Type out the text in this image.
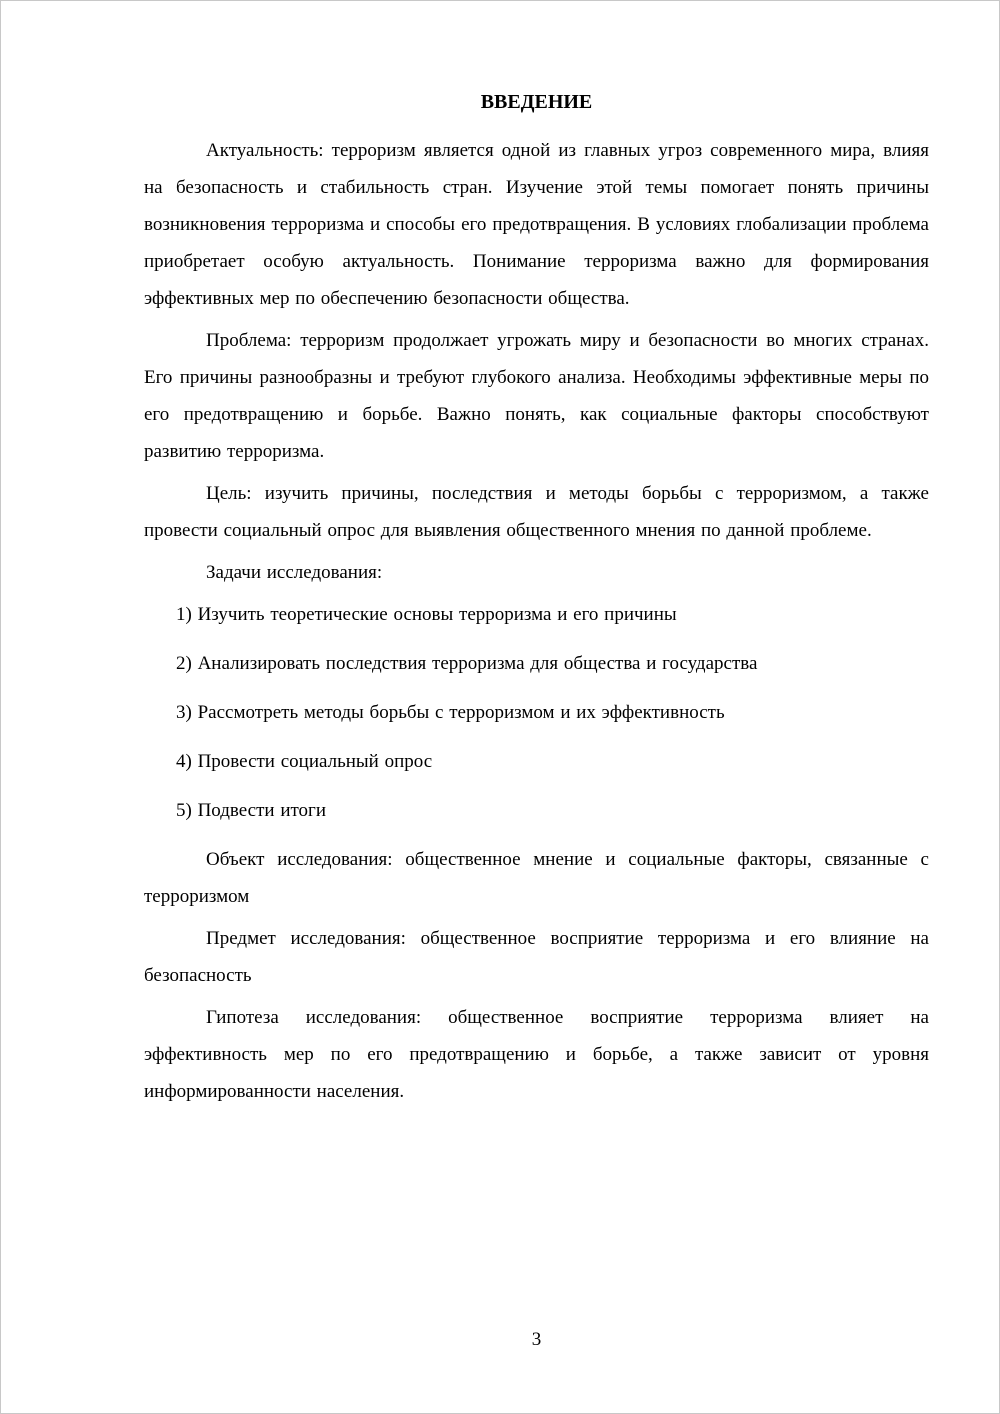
ВВЕДЕНИЕ

Актуальность: терроризм является одной из главных угроз современного мира, влияя на безопасность и стабильность стран. Изучение этой темы помогает понять причины возникновения терроризма и способы его предотвращения. В условиях глобализации проблема приобретает особую актуальность. Понимание терроризма важно для формирования эффективных мер по обеспечению безопасности общества.

Проблема: терроризм продолжает угрожать миру и безопасности во многих странах. Его причины разнообразны и требуют глубокого анализа. Необходимы эффективные меры по его предотвращению и борьбе. Важно понять, как социальные факторы способствуют развитию терроризма.

Цель: изучить причины, последствия и методы борьбы с терроризмом, а также провести социальный опрос для выявления общественного мнения по данной проблеме.

Задачи исследования:

1) Изучить теоретические основы терроризма и его причины

2) Анализировать последствия терроризма для общества и государства

3) Рассмотреть методы борьбы с терроризмом и их эффективность

4) Провести социальный опрос

5) Подвести итоги

Объект исследования: общественное мнение и социальные факторы, связанные с терроризмом

Предмет исследования: общественное восприятие терроризма и его влияние на безопасность

Гипотеза исследования: общественное восприятие терроризма влияет на эффективность мер по его предотвращению и борьбе, а также зависит от уровня информированности населения.

3
